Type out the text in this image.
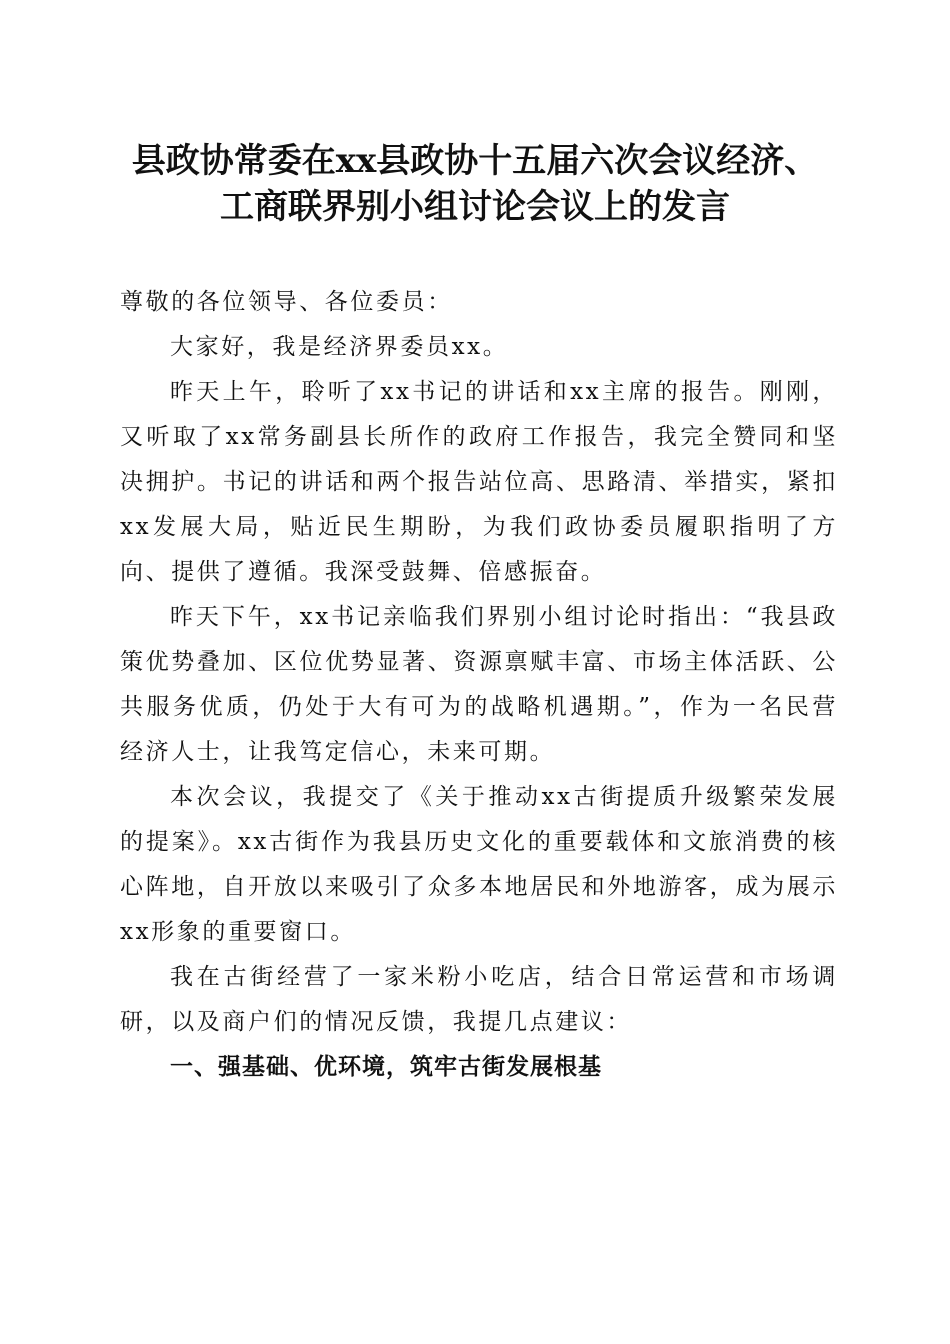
县政协常委在xx县政协十五届六次会议经济、
工商联界别小组讨论会议上的发言

尊敬的各位领导、各位委员：

大家好，我是经济界委员xx。

昨天上午，聆听了xx书记的讲话和xx主席的报告。刚刚，又听取了xx常务副县长所作的政府工作报告，我完全赞同和坚决拥护。书记的讲话和两个报告站位高、思路清、举措实，紧扣xx发展大局，贴近民生期盼，为我们政协委员履职指明了方向、提供了遵循。我深受鼓舞、倍感振奋。

昨天下午，xx书记亲临我们界别小组讨论时指出：“我县政策优势叠加、区位优势显著、资源禀赋丰富、市场主体活跃、公共服务优质，仍处于大有可为的战略机遇期。”，作为一名民营经济人士，让我笃定信心，未来可期。

本次会议，我提交了《关于推动xx古街提质升级繁荣发展的提案》。xx古街作为我县历史文化的重要载体和文旅消费的核心阵地，自开放以来吸引了众多本地居民和外地游客，成为展示xx形象的重要窗口。

我在古街经营了一家米粉小吃店，结合日常运营和市场调研，以及商户们的情况反馈，我提几点建议：

一、强基础、优环境，筑牢古街发展根基
